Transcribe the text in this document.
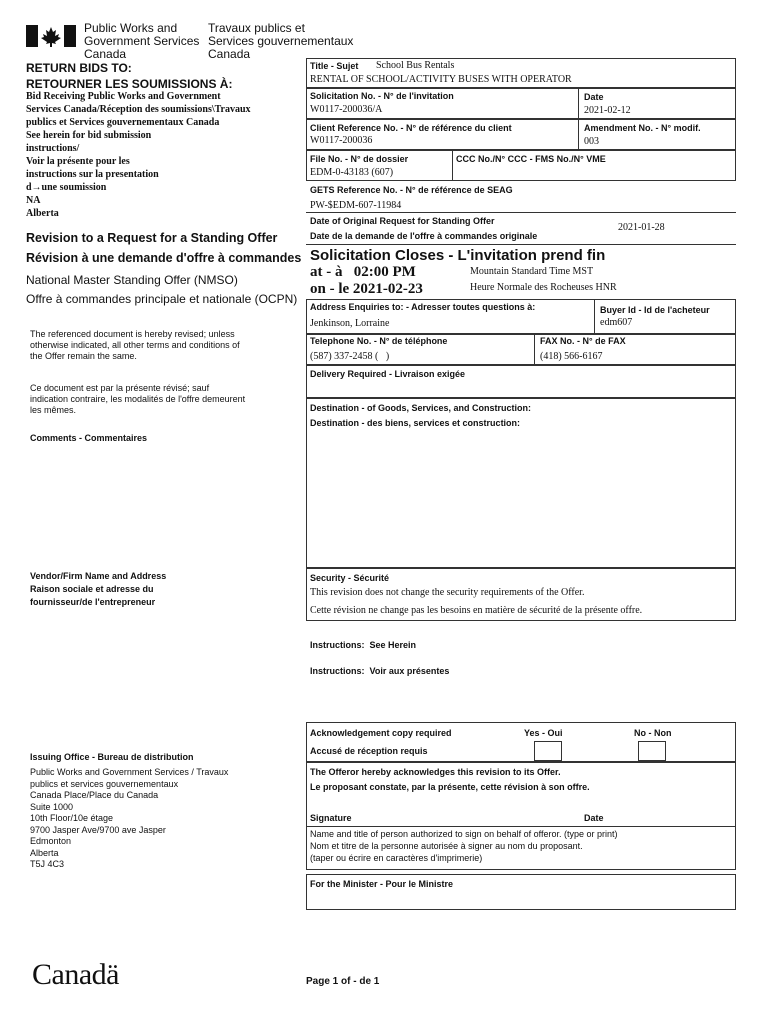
Public Works and
Government Services
Canada
Travaux publics et
Services gouvernementaux
Canada
RETURN BIDS TO:
RETOURNER LES SOUMISSIONS À:
Bid Receiving Public Works and Government
Services Canada/Réception des soumissions\Travaux
publics et Services gouvernementaux Canada
See herein for bid submission
instructions/
Voir la présente pour les
instructions sur la presentation
d→une soumission
NA
Alberta
Revision to a Request for a Standing Offer
Révision à une demande d'offre à commandes
National Master Standing Offer (NMSO)
Offre à commandes principale et nationale (OCPN)
The referenced document is hereby revised; unless
otherwise indicated, all other terms and conditions of
the Offer remain the same.
Ce document est par la présente révisé; sauf
indication contraire, les modalités de l'offre demeurent
les mêmes.
Comments - Commentaires
Vendor/Firm Name and Address
Raison sociale et adresse du
fournisseur/de l'entrepreneur
Issuing Office - Bureau de distribution
Public Works and Government Services / Travaux
publics et services gouvernementaux
Canada Place/Place du Canada
Suite 1000
10th Floor/10e étage
9700 Jasper Ave/9700 ave Jasper
Edmonton
Alberta
T5J 4C3
Title - Sujet School Bus Rentals
RENTAL OF SCHOOL/ACTIVITY BUSES WITH OPERATOR
Solicitation No. - N° de l'invitation
W0117-200036/A
Date
2021-02-12
Client Reference No. - N° de référence du client
W0117-200036
Amendment No. - N° modif.
003
File No. - N° de dossier
EDM-0-43183 (607)
CCC No./N° CCC - FMS No./N° VME
GETS Reference No. - N° de référence de SEAG
PW-$EDM-607-11984
Date of Original Request for Standing Offer
Date de la demande de l'offre à commandes originale
2021-01-28
Solicitation Closes - L'invitation prend fin
at - à   02:00 PM
on - le 2021-02-23
Mountain Standard Time MST
Heure Normale des Rocheuses HNR
Address Enquiries to: - Adresser toutes questions à:
Jenkinson, Lorraine
Buyer Id - Id de l'acheteur
edm607
Telephone No. - N° de téléphone
(587) 337-2458 (   )
FAX No. - N° de FAX
(418) 566-6167
Delivery Required - Livraison exigée
Destination - of Goods, Services, and Construction:
Destination - des biens, services et construction:
Security - Sécurité
This revision does not change the security requirements of the Offer.
Cette révision ne change pas les besoins en matière de sécurité de la présente offre.
Instructions:  See Herein
Instructions:  Voir aux présentes
Acknowledgement copy required
Accusé de réception requis
Yes - Oui	No - Non
The Offeror hereby acknowledges this revision to its Offer.
Le proposant constate, par la présente, cette révision à son offre.
Signature	Date
Name and title of person authorized to sign on behalf of offeror. (type or print)
Nom et titre de la personne autorisée à signer au nom du proposant.
(taper ou écrire en caractères d'imprimerie)
For the Minister - Pour le Ministre
Canadä	Page 1 of - de 1
